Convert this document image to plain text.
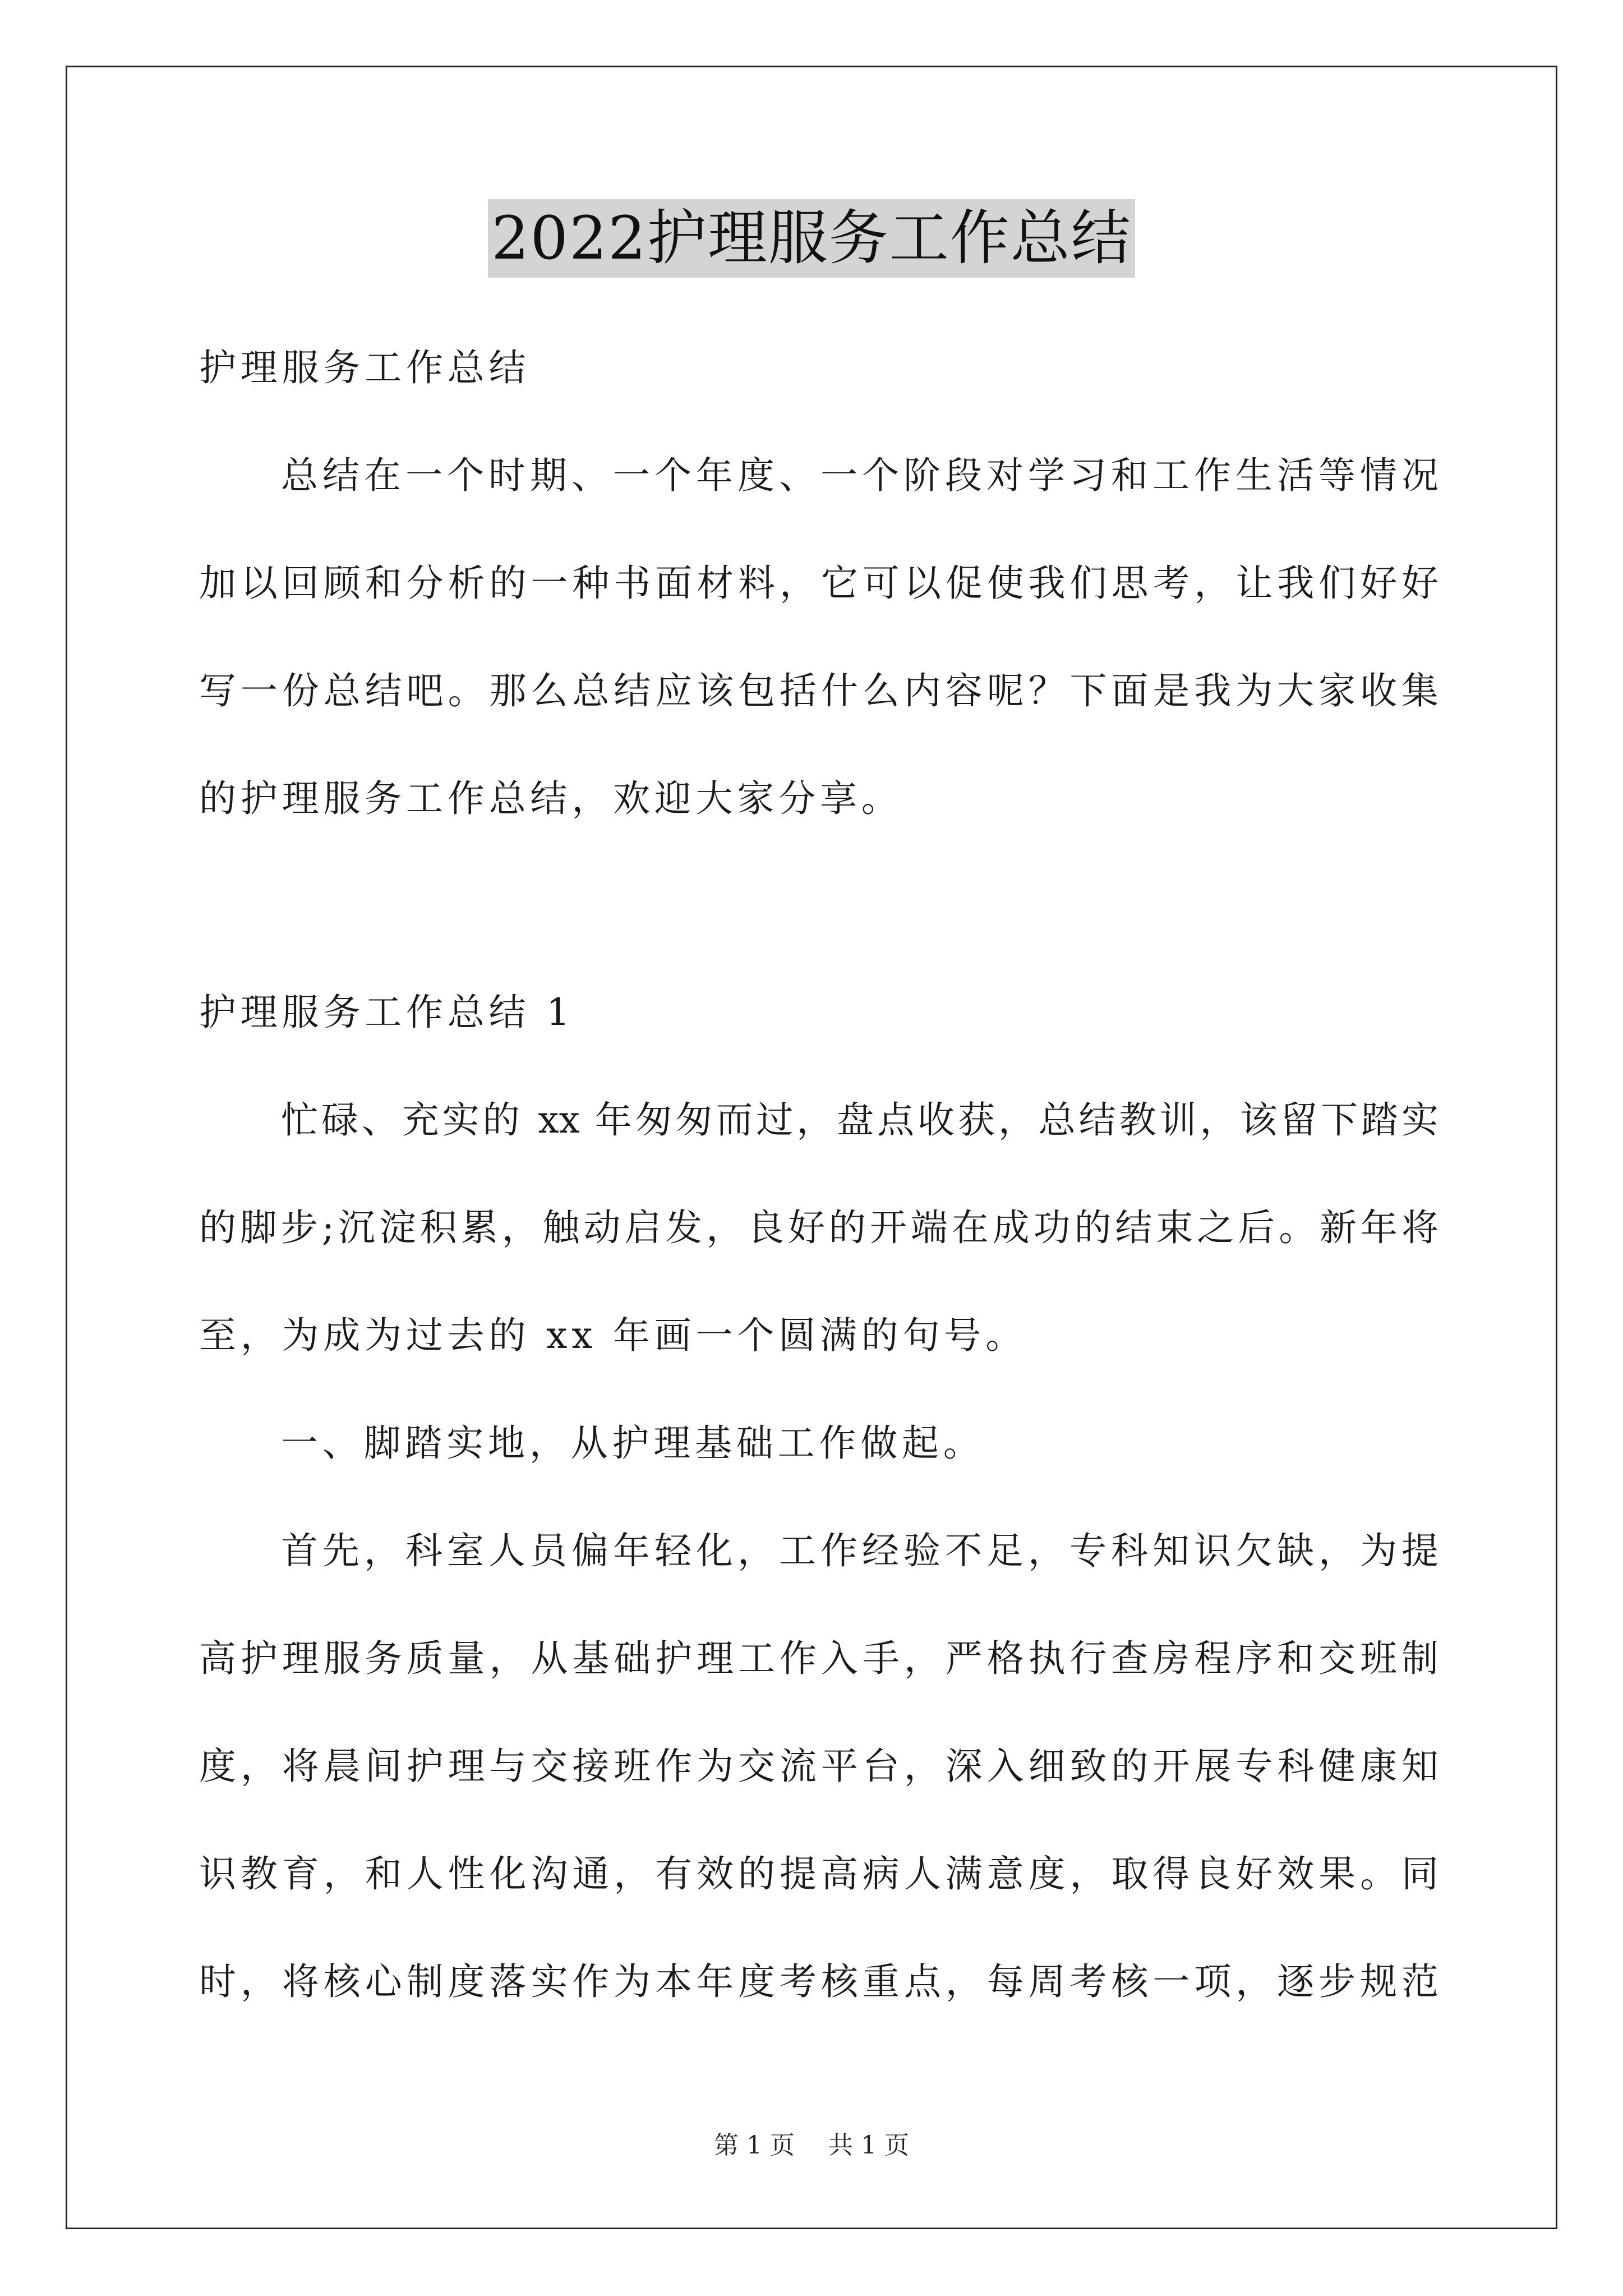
2022护理服务工作总结
护理服务工作总结
总结在一个时期、一个年度、一个阶段对学习和工作生活等情况
加以回顾和分析的一种书面材料，它可以促使我们思考，让我们好好
写一份总结吧。那么总结应该包括什么内容呢？下面是我为大家收集
的护理服务工作总结，欢迎大家分享。
护理服务工作总结 1
忙碌、充实的 xx 年匆匆而过，盘点收获，总结教训，该留下踏实
的脚步;沉淀积累，触动启发，良好的开端在成功的结束之后。新年将
至，为成为过去的 xx 年画一个圆满的句号。
一、脚踏实地，从护理基础工作做起。
首先，科室人员偏年轻化，工作经验不足，专科知识欠缺，为提
高护理服务质量，从基础护理工作入手，严格执行查房程序和交班制
度，将晨间护理与交接班作为交流平台，深入细致的开展专科健康知
识教育，和人性化沟通，有效的提高病人满意度，取得良好效果。同
时，将核心制度落实作为本年度考核重点，每周考核一项，逐步规范
第 1 页 共 1 页
